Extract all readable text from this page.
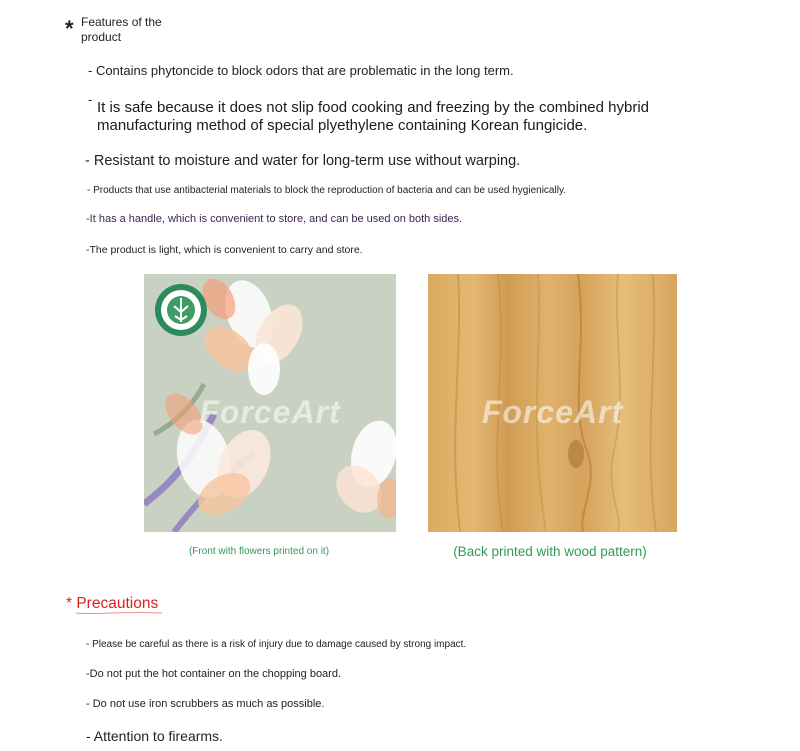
* Features of the product
- Contains phytoncide to block odors that are problematic in the long term.
- It is safe because it does not slip food cooking and freezing by the combined hybrid manufacturing method of special plyethylene containing Korean fungicide.
- Resistant to moisture and water for long-term use without warping.
- Products that use antibacterial materials to block the reproduction of bacteria and can be used hygienically.
-It has a handle, which is convenient to store, and can be used on both sides.
-The product is light, which is convenient to carry and store.
ForceArt	ForceArt
(Front with flowers printed on it)	(Back printed with wood pattern)
* Precautions
- Please be careful as there is a risk of injury due to damage caused by strong impact.
-Do not put the hot container on the chopping board.
- Do not use iron scrubbers as much as possible.
- Attention to firearms.
